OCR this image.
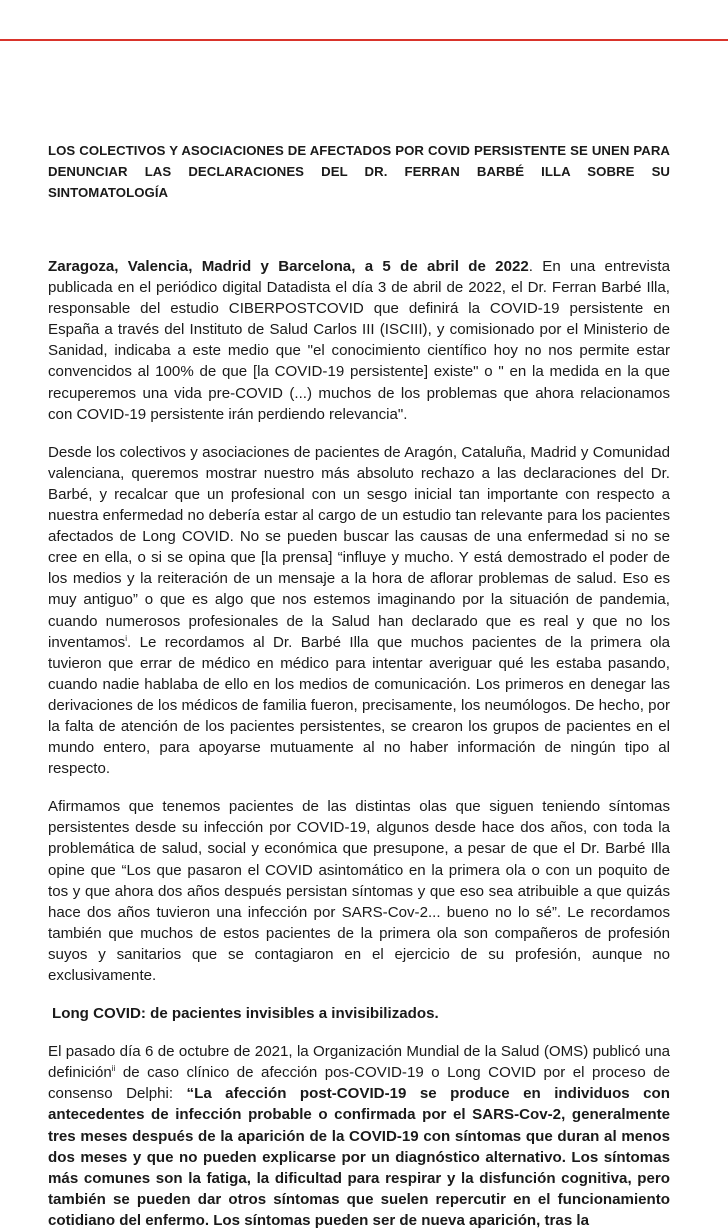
LOS COLECTIVOS Y ASOCIACIONES DE AFECTADOS POR COVID PERSISTENTE SE UNEN PARA DENUNCIAR LAS DECLARACIONES DEL DR. FERRAN BARBÉ ILLA SOBRE SU SINTOMATOLOGÍA

Zaragoza, Valencia, Madrid y Barcelona, a 5 de abril de 2022. En una entrevista publicada en el periódico digital Datadista el día 3 de abril de 2022, el Dr. Ferran Barbé Illa, responsable del estudio CIBERPOSTCOVID que definirá la COVID-19 persistente en España a través del Instituto de Salud Carlos III (ISCIII), y comisionado por el Ministerio de Sanidad, indicaba a este medio que "el conocimiento científico hoy no nos permite estar convencidos al 100% de que [la COVID-19 persistente] existe" o " en la medida en la que recuperemos una vida pre-COVID (...) muchos de los problemas que ahora relacionamos con COVID-19 persistente irán perdiendo relevancia".

Desde los colectivos y asociaciones de pacientes de Aragón, Cataluña, Madrid y Comunidad valenciana, queremos mostrar nuestro más absoluto rechazo a las declaraciones del Dr. Barbé, y recalcar que un profesional con un sesgo inicial tan importante con respecto a nuestra enfermedad no debería estar al cargo de un estudio tan relevante para los pacientes afectados de Long COVID. No se pueden buscar las causas de una enfermedad si no se cree en ella, o si se opina que [la prensa] “influye y mucho. Y está demostrado el poder de los medios y la reiteración de un mensaje a la hora de aflorar problemas de salud. Eso es muy antiguo” o que es algo que nos estemos imaginando por la situación de pandemia, cuando numerosos profesionales de la Salud han declarado que es real y que no los inventamos$^i$. Le recordamos al Dr. Barbé Illa que muchos pacientes de la primera ola tuvieron que errar de médico en médico para intentar averiguar qué les estaba pasando, cuando nadie hablaba de ello en los medios de comunicación. Los primeros en denegar las derivaciones de los médicos de familia fueron, precisamente, los neumólogos. De hecho, por la falta de atención de los pacientes persistentes, se crearon los grupos de pacientes en el mundo entero, para apoyarse mutuamente al no haber información de ningún tipo al respecto.

Afirmamos que tenemos pacientes de las distintas olas que siguen teniendo síntomas persistentes desde su infección por COVID-19, algunos desde hace dos años, con toda la problemática de salud, social y económica que presupone, a pesar de que el Dr. Barbé Illa opine que “Los que pasaron el COVID asintomático en la primera ola o con un poquito de tos y que ahora dos años después persistan síntomas y que eso sea atribuible a que quizás hace dos años tuvieron una infección por SARS-Cov-2... bueno no lo sé”. Le recordamos también que muchos de estos pacientes de la primera ola son compañeros de profesión suyos y sanitarios que se contagiaron en el ejercicio de su profesión, aunque no exclusivamente.

Long COVID: de pacientes invisibles a invisibilizados.

El pasado día 6 de octubre de 2021, la Organización Mundial de la Salud (OMS) publicó una definición$^{ii}$ de caso clínico de afección pos-COVID-19 o Long COVID por el proceso de consenso Delphi: “La afección post-COVID-19 se produce en individuos con antecedentes de infección probable o confirmada por el SARS-Cov-2, generalmente tres meses después de la aparición de la COVID-19 con síntomas que duran al menos dos meses y que no pueden explicarse por un diagnóstico alternativo. Los síntomas más comunes son la fatiga, la dificultad para respirar y la disfunción cognitiva, pero también se pueden dar otros síntomas que suelen repercutir en el funcionamiento cotidiano del enfermo. Los síntomas pueden ser de nueva aparición, tras la
